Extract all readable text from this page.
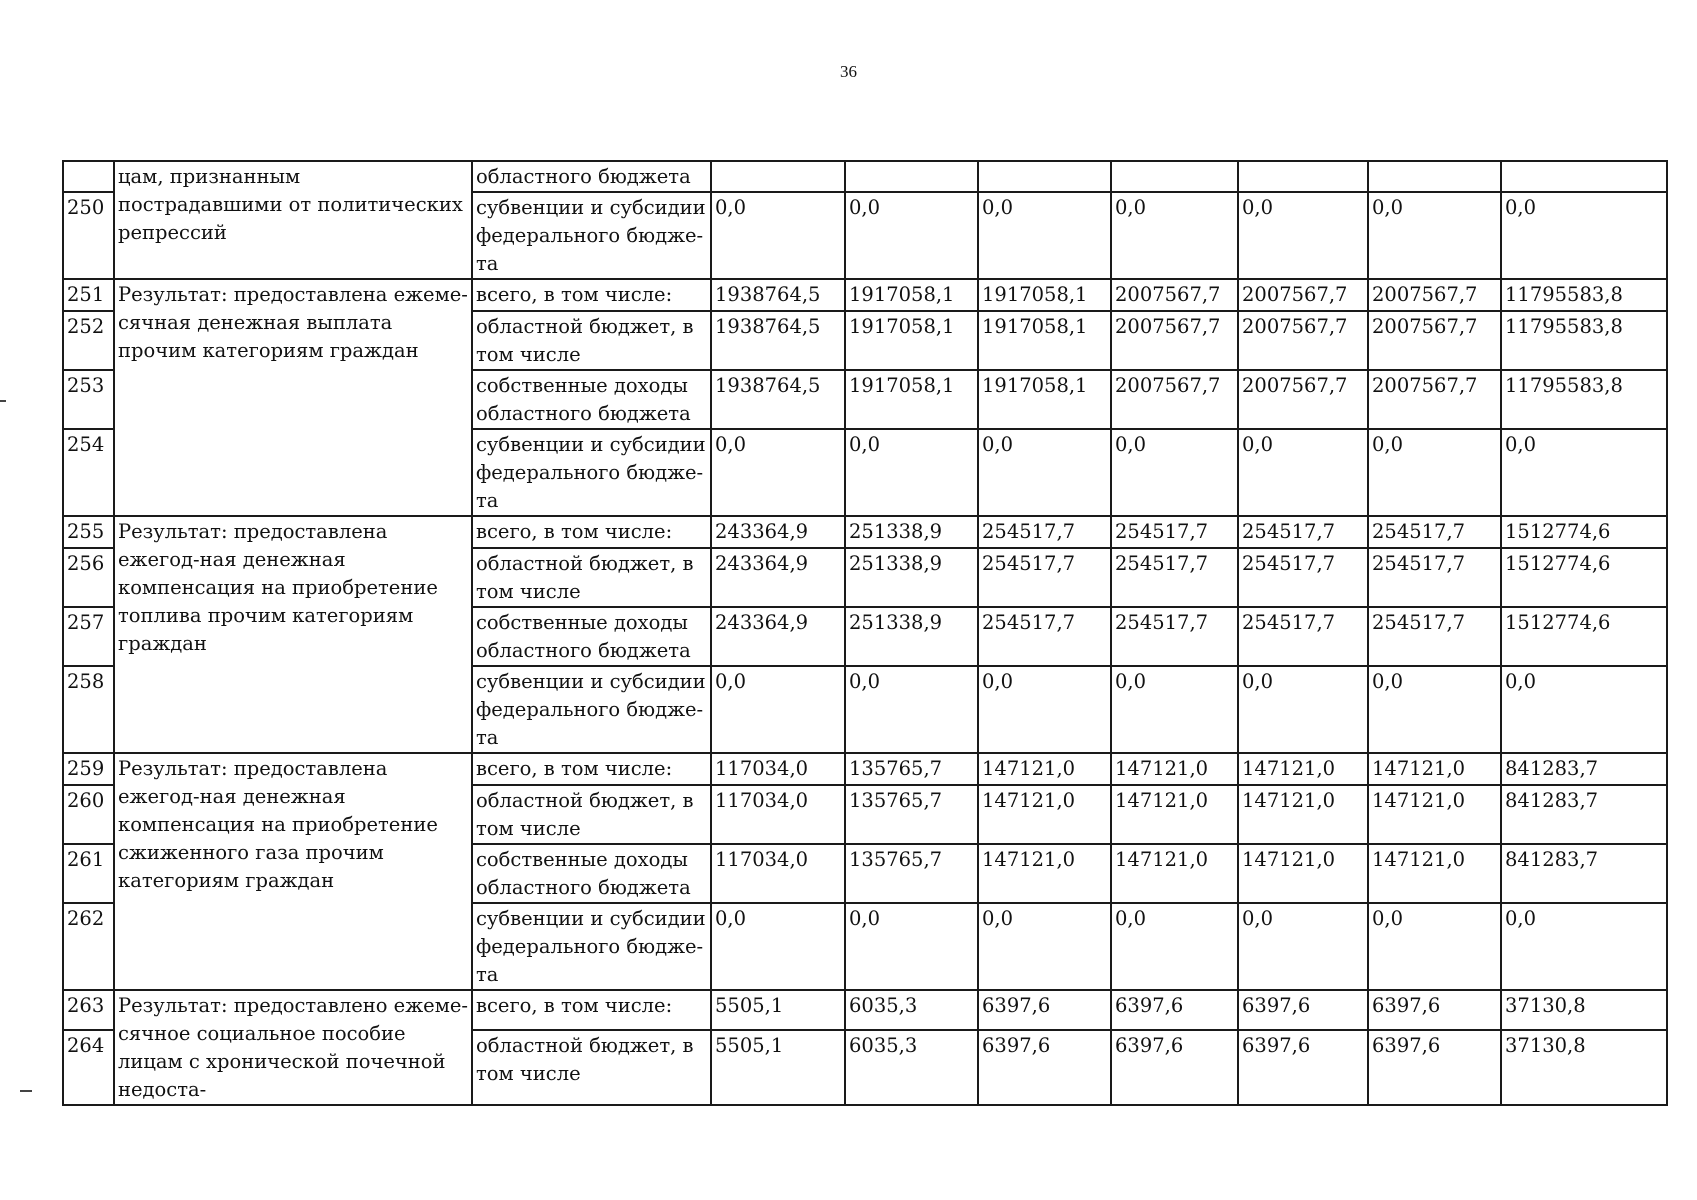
36
	цам, признанным пострадавшими от политических репрессий	областного бюджета							
250		субвенции и субсидии федерального бюдже-та	0,0	0,0	0,0	0,0	0,0	0,0	0,0
251	Результат: предоставлена ежеме-сячная денежная выплата прочим категориям граждан	всего, в том числе:	1938764,5	1917058,1	1917058,1	2007567,7	2007567,7	2007567,7	11795583,8
252		областной бюджет, в том числе	1938764,5	1917058,1	1917058,1	2007567,7	2007567,7	2007567,7	11795583,8
253		собственные доходы областного бюджета	1938764,5	1917058,1	1917058,1	2007567,7	2007567,7	2007567,7	11795583,8
254		субвенции и субсидии федерального бюдже-та	0,0	0,0	0,0	0,0	0,0	0,0	0,0
255	Результат: предоставлена ежегод-ная денежная компенсация на приобретение топлива прочим категориям граждан	всего, в том числе:	243364,9	251338,9	254517,7	254517,7	254517,7	254517,7	1512774,6
256		областной бюджет, в том числе	243364,9	251338,9	254517,7	254517,7	254517,7	254517,7	1512774,6
257		собственные доходы областного бюджета	243364,9	251338,9	254517,7	254517,7	254517,7	254517,7	1512774,6
258		субвенции и субсидии федерального бюдже-та	0,0	0,0	0,0	0,0	0,0	0,0	0,0
259	Результат: предоставлена ежегод-ная денежная компенсация на приобретение сжиженного газа прочим категориям граждан	всего, в том числе:	117034,0	135765,7	147121,0	147121,0	147121,0	147121,0	841283,7
260		областной бюджет, в том числе	117034,0	135765,7	147121,0	147121,0	147121,0	147121,0	841283,7
261		собственные доходы областного бюджета	117034,0	135765,7	147121,0	147121,0	147121,0	147121,0	841283,7
262		субвенции и субсидии федерального бюдже-та	0,0	0,0	0,0	0,0	0,0	0,0	0,0
263	Результат: предоставлено ежеме-сячное социальное пособие лицам с хронической почечной недоста-	всего, в том числе:	5505,1	6035,3	6397,6	6397,6	6397,6	6397,6	37130,8
264		областной бюджет, в том числе	5505,1	6035,3	6397,6	6397,6	6397,6	6397,6	37130,8
